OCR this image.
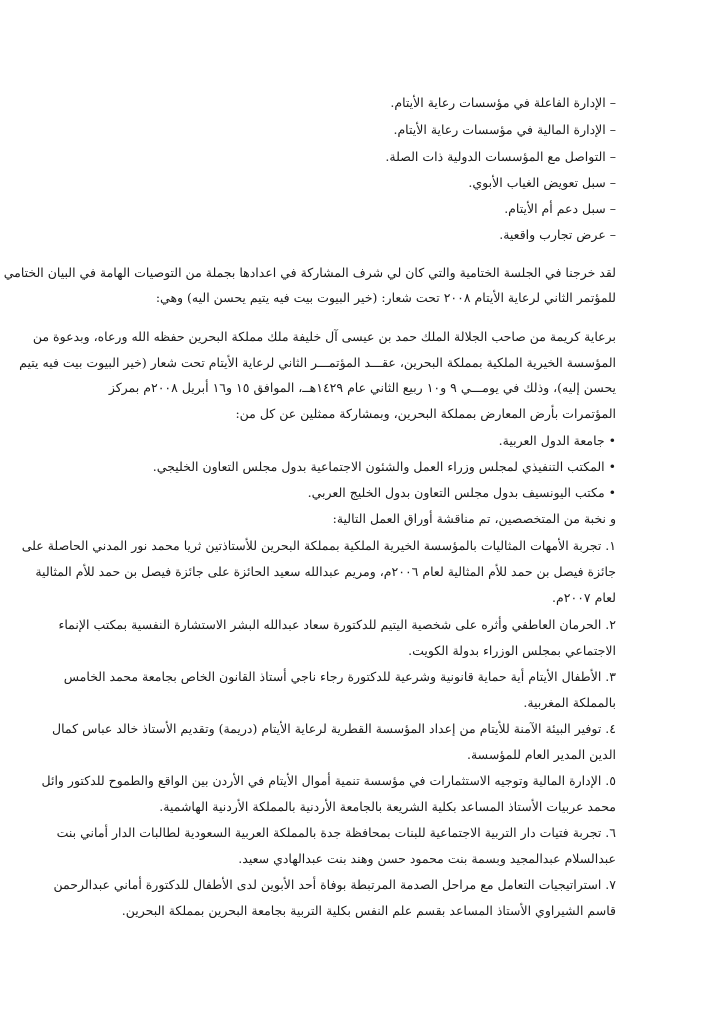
– الإدارة الفاعلة في مؤسسات رعاية الأيتام.
– الإدارة المالية في مؤسسات رعاية الأيتام.
– التواصل مع المؤسسات الدولية ذات الصلة.
– سبل تعويض الغياب الأبوي.
– سبل دعم أم الأيتام.
– عرض تجارب واقعية.
لقد خرجنا في الجلسة الختامية والتي كان لي شرف المشاركة في اعدادها بجملة من التوصيات الهامة في البيان الختامي
للمؤتمر الثاني لرعاية الأيتام ٢٠٠٨ تحت شعار: (خير البيوت بيت فيه يتيم يحسن اليه) وهي:
برعاية كريمة من صاحب الجلالة الملك حمد بن عيسى آل خليفة ملك مملكة البحرين حفظه الله ورعاه، وبدعوة من
المؤسسة الخيرية الملكية بمملكة البحرين، عقـــد المؤتمـــر الثاني لرعاية الأيتام تحت شعار (خير البيوت بيت فيه يتيم
يحسن إليه)، وذلك في يومـــي ٩ و١٠ ربيع الثاني عام ١٤٢٩هــ، الموافق ١٥ و١٦ أبريل ٢٠٠٨م بمركز
المؤتمرات بأرض المعارض بمملكة البحرين، وبمشاركة ممثلين عن كل من:
• جامعة الدول العربية.
• المكتب التنفيذي لمجلس وزراء العمل والشئون الاجتماعية بدول مجلس التعاون الخليجي.
• مكتب اليونسيف بدول مجلس التعاون بدول الخليج العربي.
و نخبة من المتخصصين، تم مناقشة أوراق العمل التالية:
١. تجربة الأمهات المثاليات بالمؤسسة الخيرية الملكية بمملكة البحرين للأستاذتين ثريا محمد نور المدني الحاصلة على
جائزة فيصل بن حمد للأم المثالية لعام ٢٠٠٦م، ومريم عبدالله سعيد الحائزة على جائزة فيصل بن حمد للأم المثالية
لعام ٢٠٠٧م.
٢. الحرمان العاطفي وأثره على شخصية اليتيم للدكتورة سعاد عبدالله البشر الاستشارة النفسية بمكتب الإنماء
الاجتماعي بمجلس الوزراء بدولة الكويت.
٣. الأطفال الأيتام أية حماية قانونية وشرعية للدكتورة رجاء ناجي أستاذ القانون الخاص بجامعة محمد الخامس
بالمملكة المغربية.
٤. توفير البيئة الآمنة للأيتام من إعداد المؤسسة القطرية لرعاية الأيتام (دريمة) وتقديم الأستاذ خالد عباس كمال
الدين المدير العام للمؤسسة.
٥. الإدارة المالية وتوجيه الاستثمارات في مؤسسة تنمية أموال الأيتام في الأردن بين الواقع والطموح للدكتور وائل
محمد عربيات الأستاذ المساعد بكلية الشريعة بالجامعة الأردنية بالمملكة الأردنية الهاشمية.
٦. تجربة فتيات دار التربية الاجتماعية للبنات بمحافظة جدة بالمملكة العربية السعودية لطالبات الدار أماني بنت
عبدالسلام عبدالمجيد وبسمة بنت محمود حسن وهند بنت عبدالهادي سعيد.
٧. استراتيجيات التعامل مع مراحل الصدمة المرتبطة بوفاة أحد الأبوين لدى الأطفال للدكتورة أماني عبدالرحمن
قاسم الشيراوي الأستاذ المساعد بقسم علم النفس بكلية التربية بجامعة البحرين بمملكة البحرين.
